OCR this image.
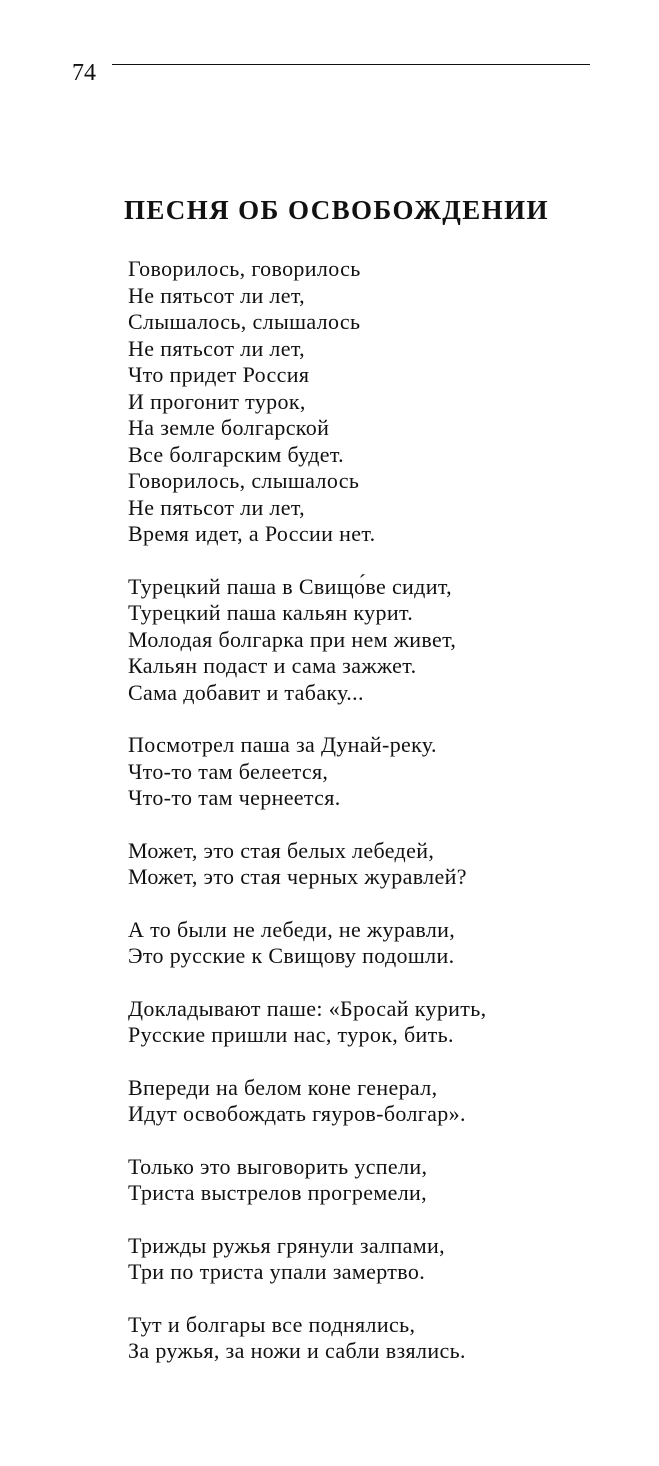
74
ПЕСНЯ ОБ ОСВОБОЖДЕНИИ
Говорилось, говорилось
Не пятьсот ли лет,
Слышалось, слышалось
Не пятьсот ли лет,
Что придет Россия
И прогонит турок,
На земле болгарской
Все болгарским будет.
Говорилось, слышалось
Не пятьсот ли лет,
Время идет, а России нет.
Турецкий паша в Свищо́ве сидит,
Турецкий паша кальян курит.
Молодая болгарка при нем живет,
Кальян подаст и сама зажжет.
Сама добавит и табаку...
Посмотрел паша за Дунай-реку.
Что-то там белеется,
Что-то там чернеется.
Может, это стая белых лебедей,
Может, это стая черных журавлей?
А то были не лебеди, не журавли,
Это русские к Свищову подошли.
Докладывают паше: «Бросай курить,
Русские пришли нас, турок, бить.
Впереди на белом коне генерал,
Идут освобождать гяуров-болгар».
Только это выговорить успели,
Триста выстрелов прогремели,
Трижды ружья грянули залпами,
Три по триста упали замертво.
Тут и болгары все поднялись,
За ружья, за ножи и сабли взялись.
